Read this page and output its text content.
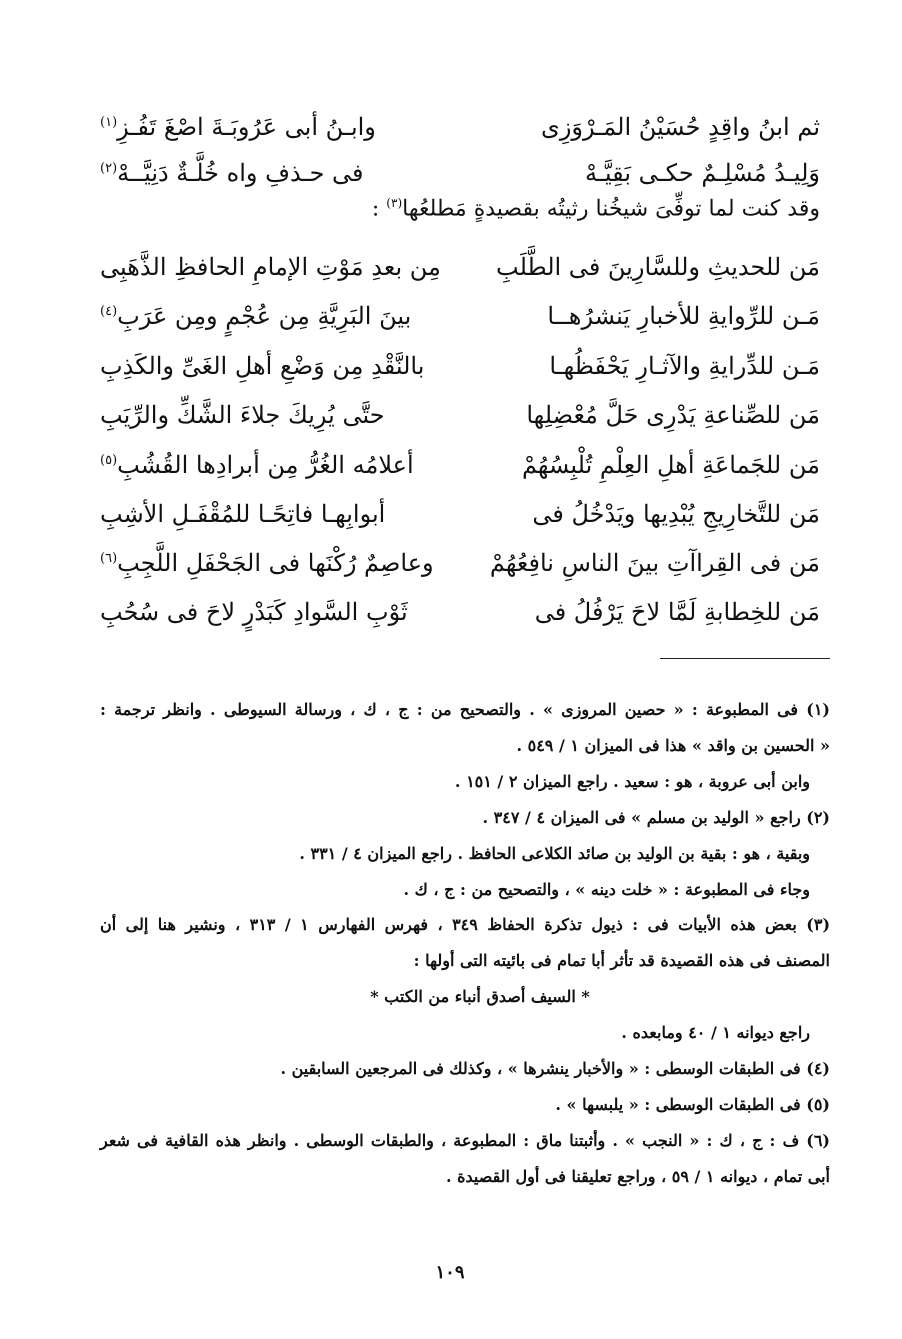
ثم ابنُ واقِدٍ حُسَيْنُ المَـرْوَزِى
وابـنُ أبى عَرُوبَـةَ اصْغَ تَفُـزِ$^{(١)}$
وَلِيـدُ مُسْلِـمٌ حكـى بَقِيَّـهْ
فى حـذفِ واه خُلَّـةٌ دَنِيَّــهْ$^{(٢)}$
وقد كنت لما توفِّىَ شيخُنا رثيتُه بقصيدةٍ مَطلعُها$^{(٣)}$ :
مَن للحديثِ وللسَّارِينَ فى الطَّلَبِ
مِن بعدِ مَوْتِ الإمامِ الحافظِ الذَّهَبِى
مَـن للرِّوايةِ للأخبارِ يَنشرُهــا
بينَ البَرِيَّةِ مِن عُجْمٍ ومِن عَرَبِ$^{(٤)}$
مَـن للدِّرايةِ والآثـارِ يَحْفَظُهـا
بالنَّقْدِ مِن وَضْعِ أهلِ الغَىِّ والكَذِبِ
مَن للصِّناعةِ يَدْرِى حَلَّ مُعْضِلِها
حتَّى يُرِيكَ جلاءَ الشَّكِّ والرِّيَبِ
مَن للجَماعَةِ أهلِ العِلْمِ تُلْبِسُهُمْ
أعلامُه الغُرُّ مِن أبرادِها القُشُبِ$^{(٥)}$
مَن للتَّخارِيجِ يُبْدِيها ويَدْخُلُ فى
أبوابِهـا فاتِحًـا للمُقْفَـلِ الأشِبِ
مَن فى القِراآتِ بينَ الناسِ نافِعُهُمْ
وعاصِمٌ رُكْنَها فى الجَحْفَلِ اللَّجِبِ$^{(٦)}$
مَن للخِطابةِ لَمَّا لاحَ يَرْفُلُ فى
ثَوْبِ السَّوادِ كَبَدْرٍ لاحَ فى سُحُبِ
(١) فى المطبوعة : « حصين المروزى » . والتصحيح من : ج ، ك ، ورسالة السيوطى . وانظر ترجمة :
« الحسين بن واقد » هذا فى الميزان ١ / ٥٤٩ .
وابن أبى عروبة ، هو : سعيد . راجع الميزان ٢ / ١٥١ .
(٢) راجع « الوليد بن مسلم » فى الميزان ٤ / ٣٤٧ .
وبقية ، هو : بقية بن الوليد بن صائد الكلاعى الحافظ . راجع الميزان ٤ / ٣٣١ .
وجاء فى المطبوعة : « خلت دينه » ، والتصحيح من : ج ، ك .
(٣) بعض هذه الأبيات فى : ذيول تذكرة الحفاظ ٣٤٩ ، فهرس الفهارس ١ / ٣١٣ ، ونشير هنا إلى أن
المصنف فى هذه القصيدة قد تأثر أبا تمام فى بائيته التى أولها :
* السيف أصدق أنباء من الكتب *
راجع ديوانه ١ / ٤٠ ومابعده .
(٤) فى الطبقات الوسطى : « والأخبار ينشرها » ، وكذلك فى المرجعين السابقين .
(٥) فى الطبقات الوسطى : « يلبسها » .
(٦) ف : ج ، ك : « النجب » . وأثبتنا ماق : المطبوعة ، والطبقات الوسطى . وانظر هذه القافية فى شعر
أبى تمام ، ديوانه ١ / ٥٩ ، وراجع تعليقنا فى أول القصيدة .
١٠٩
